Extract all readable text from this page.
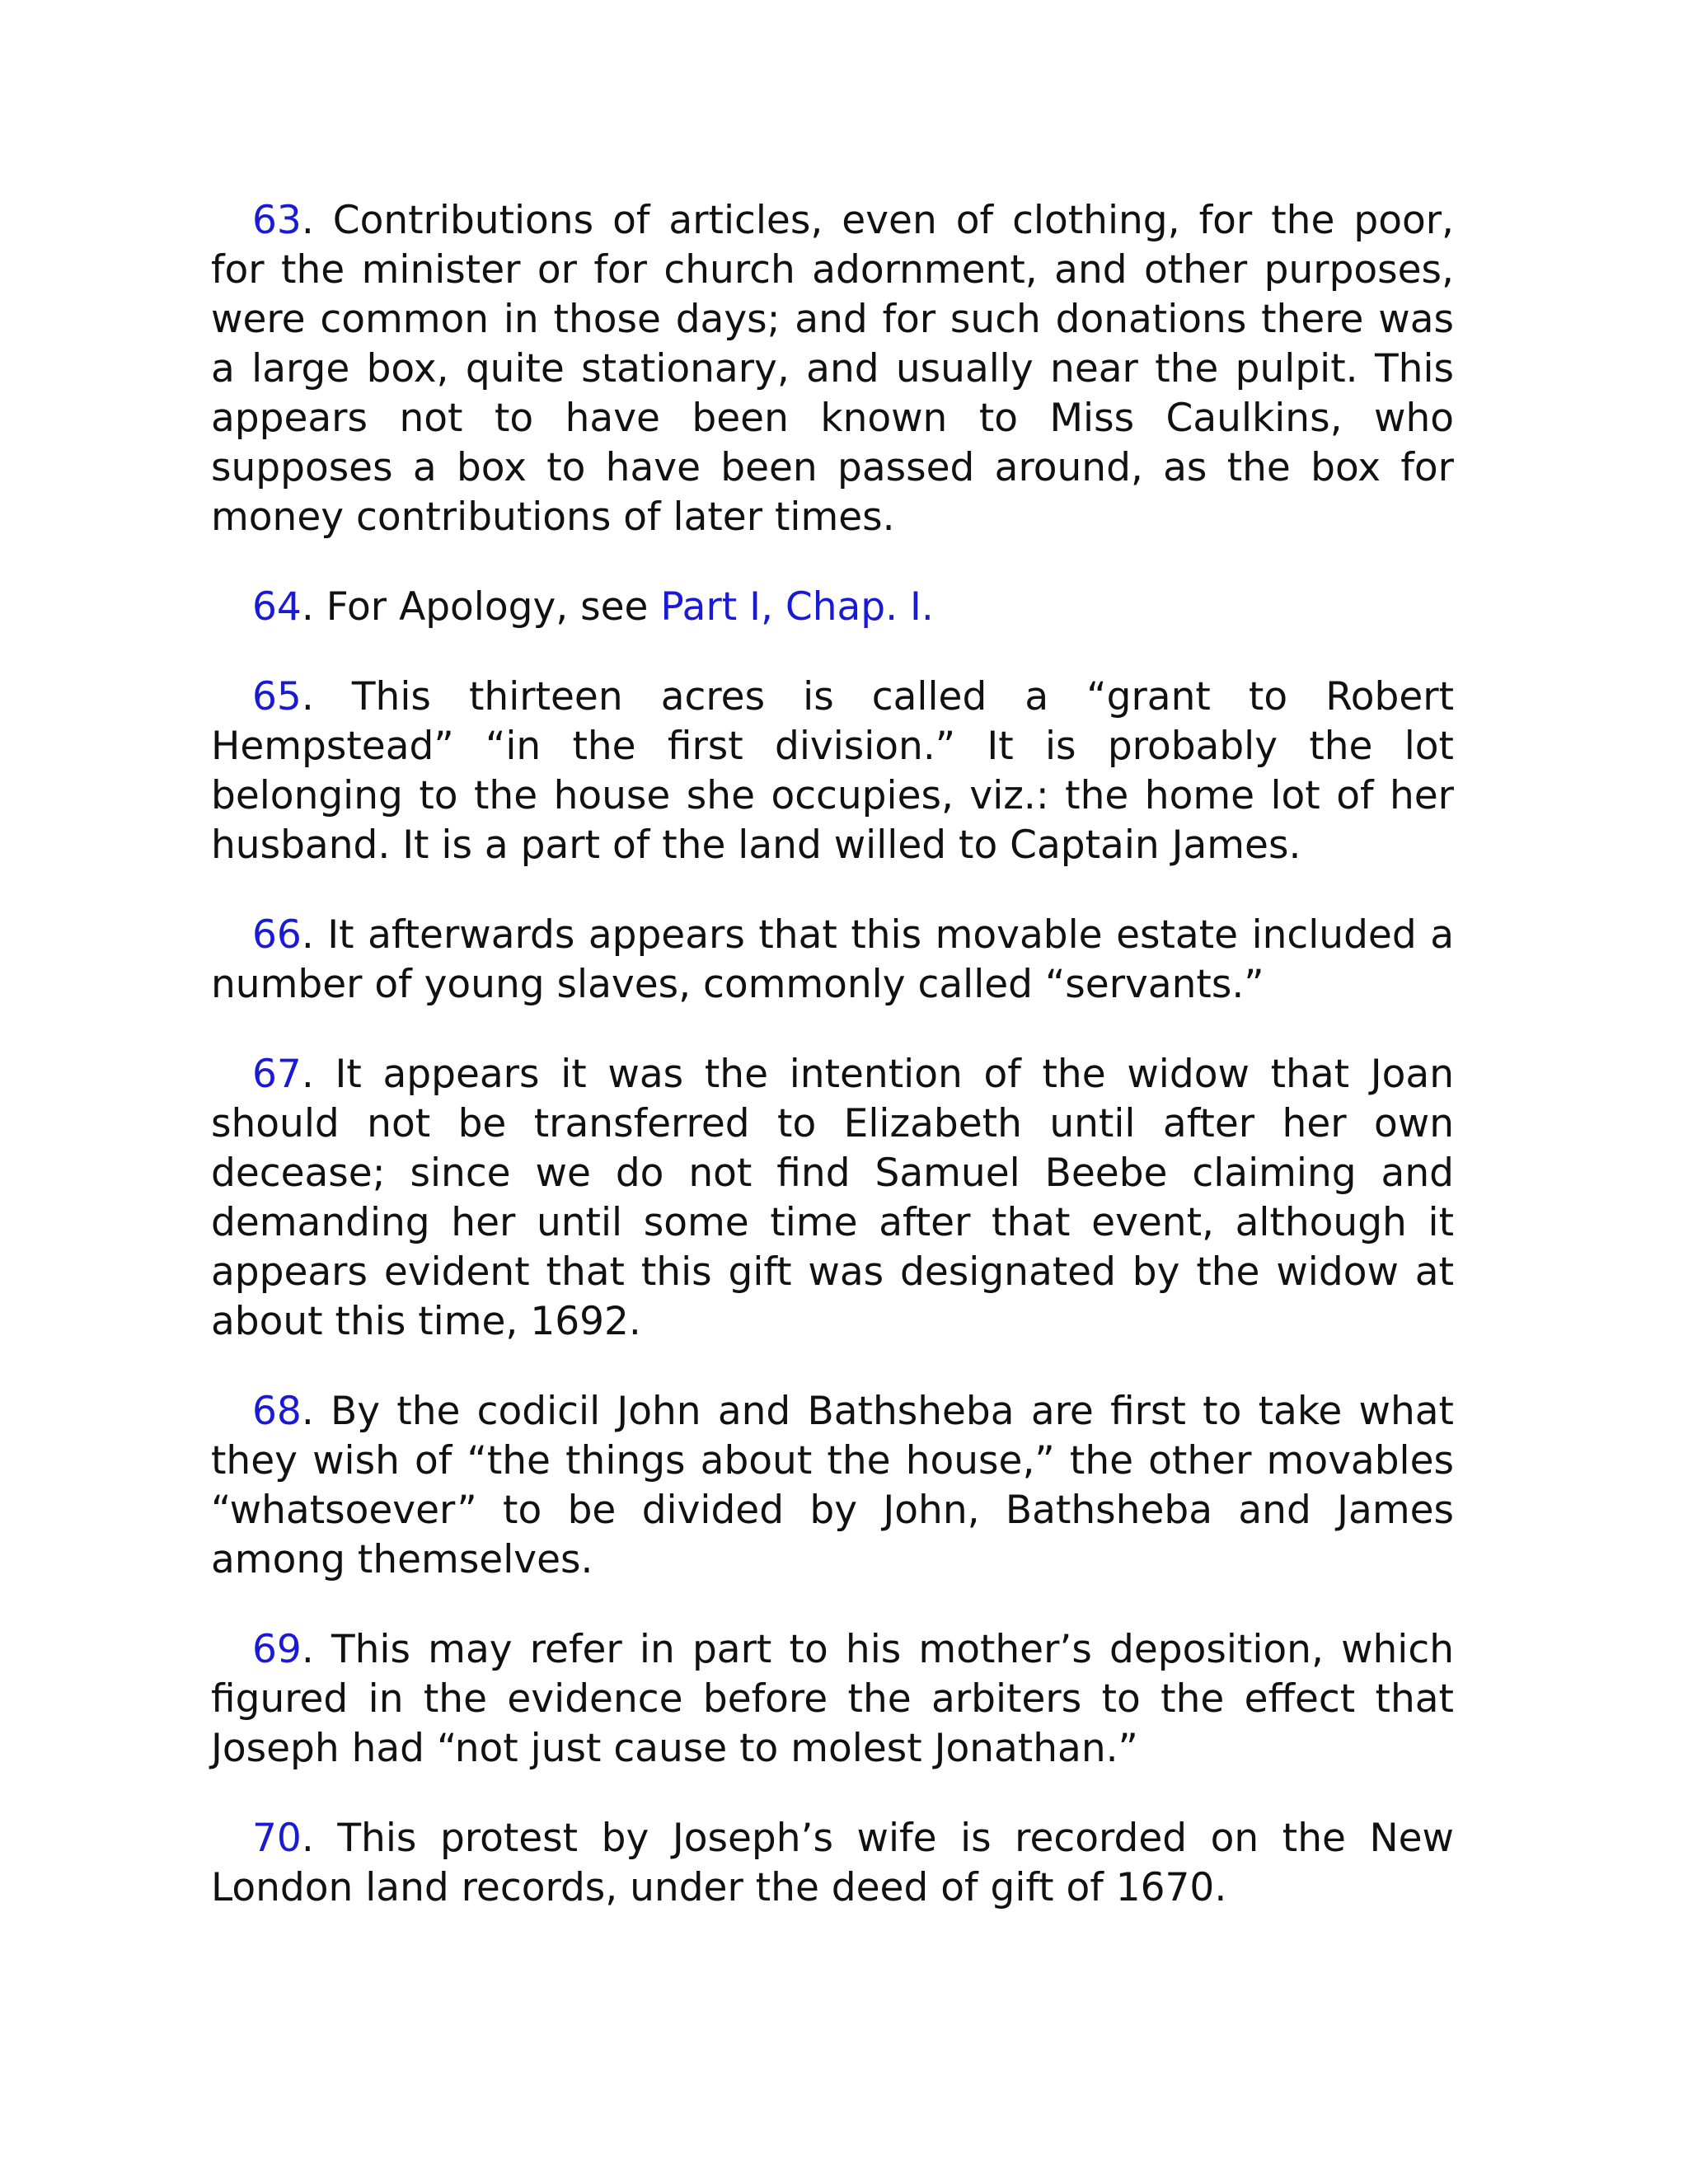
63. Contributions of articles, even of clothing, for the poor, for the minister or for church adornment, and other purposes, were common in those days; and for such donations there was a large box, quite stationary, and usually near the pulpit. This appears not to have been known to Miss Caulkins, who supposes a box to have been passed around, as the box for money contributions of later times.

64. For Apology, see Part I, Chap. I.

65. This thirteen acres is called a “grant to Robert Hempstead” “in the first division.” It is probably the lot belonging to the house she occupies, viz.: the home lot of her husband. It is a part of the land willed to Captain James.

66. It afterwards appears that this movable estate included a number of young slaves, commonly called “servants.”

67. It appears it was the intention of the widow that Joan should not be transferred to Elizabeth until after her own decease; since we do not find Samuel Beebe claiming and demanding her until some time after that event, although it appears evident that this gift was designated by the widow at about this time, 1692.

68. By the codicil John and Bathsheba are first to take what they wish of “the things about the house,” the other movables “whatsoever” to be divided by John, Bathsheba and James among themselves.

69. This may refer in part to his mother’s deposition, which figured in the evidence before the arbiters to the effect that Joseph had “not just cause to molest Jonathan.”

70. This protest by Joseph’s wife is recorded on the New London land records, under the deed of gift of 1670.
